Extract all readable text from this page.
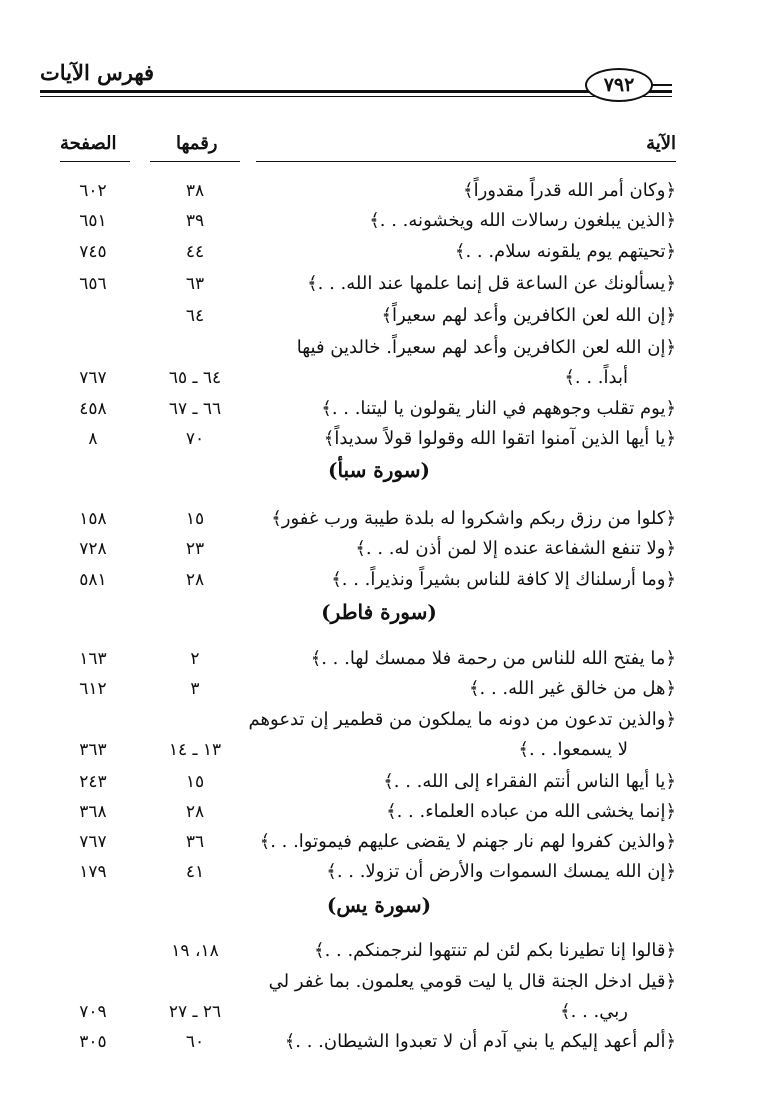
فهرس الآيات	٧٩٢
الآية
رقمها
الصفحة
﴿وكان أمر الله قدراً مقدوراً﴾
٣٨
٦٠٢
﴿الذين يبلغون رسالات الله ويخشونه. . .﴾
٣٩
٦٥١
﴿تحيتهم يوم يلقونه سلام. . .﴾
٤٤
٧٤٥
﴿يسألونك عن الساعة قل إنما علمها عند الله. . .﴾
٦٣
٦٥٦
﴿إن الله لعن الكافرين وأعد لهم سعيراً﴾
٦٤
﴿إن الله لعن الكافرين وأعد لهم سعيراً. خالدين فيها
أبداً. . .﴾
٦٤ ـ ٦٥
٧٦٧
﴿يوم تقلب وجوههم في النار يقولون يا ليتنا. . .﴾
٦٦ ـ ٦٧
٤٥٨
﴿يا أيها الذين آمنوا اتقوا الله وقولوا قولاً سديداً﴾
٧٠
٨
(سورة سبأ)
﴿كلوا من رزق ربكم واشكروا له بلدة طيبة ورب غفور﴾
١٥
١٥٨
﴿ولا تنفع الشفاعة عنده إلا لمن أذن له. . .﴾
٢٣
٧٢٨
﴿وما أرسلناك إلا كافة للناس بشيراً ونذيراً. . .﴾
٢٨
٥٨١
(سورة فاطر)
﴿ما يفتح الله للناس من رحمة فلا ممسك لها. . .﴾
٢
١٦٣
﴿هل من خالق غير الله. . .﴾
٣
٦١٢
﴿والذين تدعون من دونه ما يملكون من قطمير إن تدعوهم
لا يسمعوا. . .﴾
١٣ ـ ١٤
٣٦٣
﴿يا أيها الناس أنتم الفقراء إلى الله. . .﴾
١٥
٢٤٣
﴿إنما يخشى الله من عباده العلماء. . .﴾
٢٨
٣٦٨
﴿والذين كفروا لهم نار جهنم لا يقضى عليهم فيموتوا. . .﴾
٣٦
٧٦٧
﴿إن الله يمسك السموات والأرض أن تزولا. . .﴾
٤١
١٧٩
(سورة يس)
﴿قالوا إنا تطيرنا بكم لئن لم تنتهوا لنرجمنكم. . .﴾
١٨، ١٩
﴿قيل ادخل الجنة قال يا ليت قومي يعلمون. بما غفر لي
ربي. . .﴾
٢٦ ـ ٢٧
٧٠٩
﴿ألم أعهد إليكم يا بني آدم أن لا تعبدوا الشيطان. . .﴾
٦٠
٣٠٥
